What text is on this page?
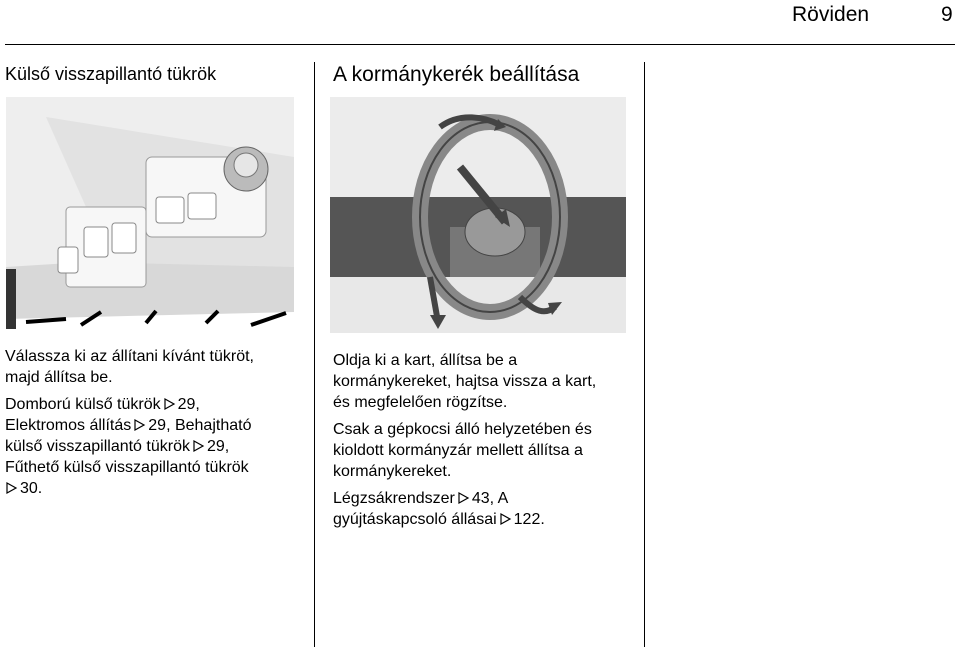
Röviden	9
Külső visszapillantó tükrök	A kormánykerék beállítása

Válassza ki az állítani kívánt tükröt,
majd állítsa be.

Domború külső tükrök 29,
Elektromos állítás 29, Behajtható
külső visszapillantó tükrök 29,
Fűthető külső visszapillantó tükrök
30.

Oldja ki a kart, állítsa be a
kormánykereket, hajtsa vissza a kart,
és megfelelően rögzítse.

Csak a gépkocsi álló helyzetében és
kioldott kormányzár mellett állítsa a
kormánykereket.

Légzsákrendszer 43, A
gyújtáskapcsoló állásai 122.
